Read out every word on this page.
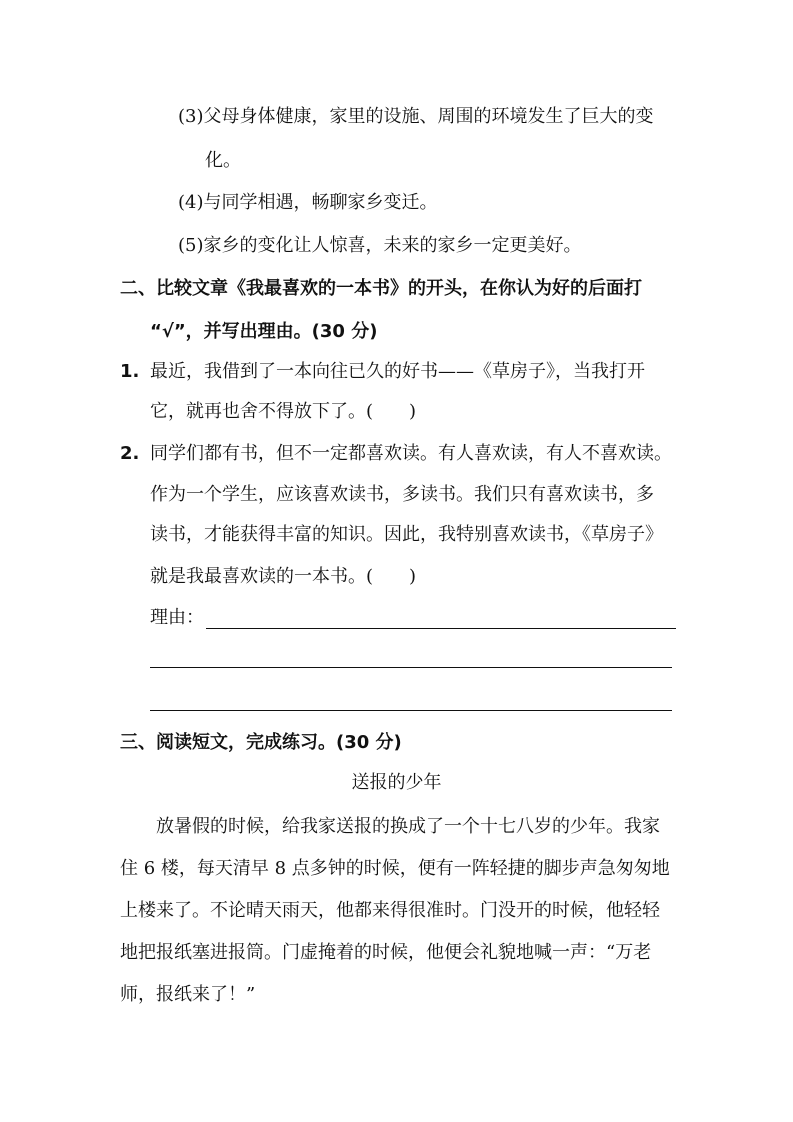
(3)父母身体健康，家里的设施、周围的环境发生了巨大的变
化。
(4)与同学相遇，畅聊家乡变迁。
(5)家乡的变化让人惊喜，未来的家乡一定更美好。
二、比较文章《我最喜欢的一本书》的开头，在你认为好的后面打
“√”，并写出理由。(30 分)
1. 最近，我借到了一本向往已久的好书——《草房子》，当我打开
它，就再也舍不得放下了。(　　)
2. 同学们都有书，但不一定都喜欢读。有人喜欢读，有人不喜欢读。
作为一个学生，应该喜欢读书，多读书。我们只有喜欢读书，多
读书，才能获得丰富的知识。因此，我特别喜欢读书，《草房子》
就是我最喜欢读的一本书。(　　)
理由：
三、阅读短文，完成练习。(30 分)
送报的少年
放暑假的时候，给我家送报的换成了一个十七八岁的少年。我家
住 6 楼，每天清早 8 点多钟的时候，便有一阵轻捷的脚步声急匆匆地
上楼来了。不论晴天雨天，他都来得很准时。门没开的时候，他轻轻
地把报纸塞进报筒。门虚掩着的时候，他便会礼貌地喊一声：“万老
师，报纸来了！”
